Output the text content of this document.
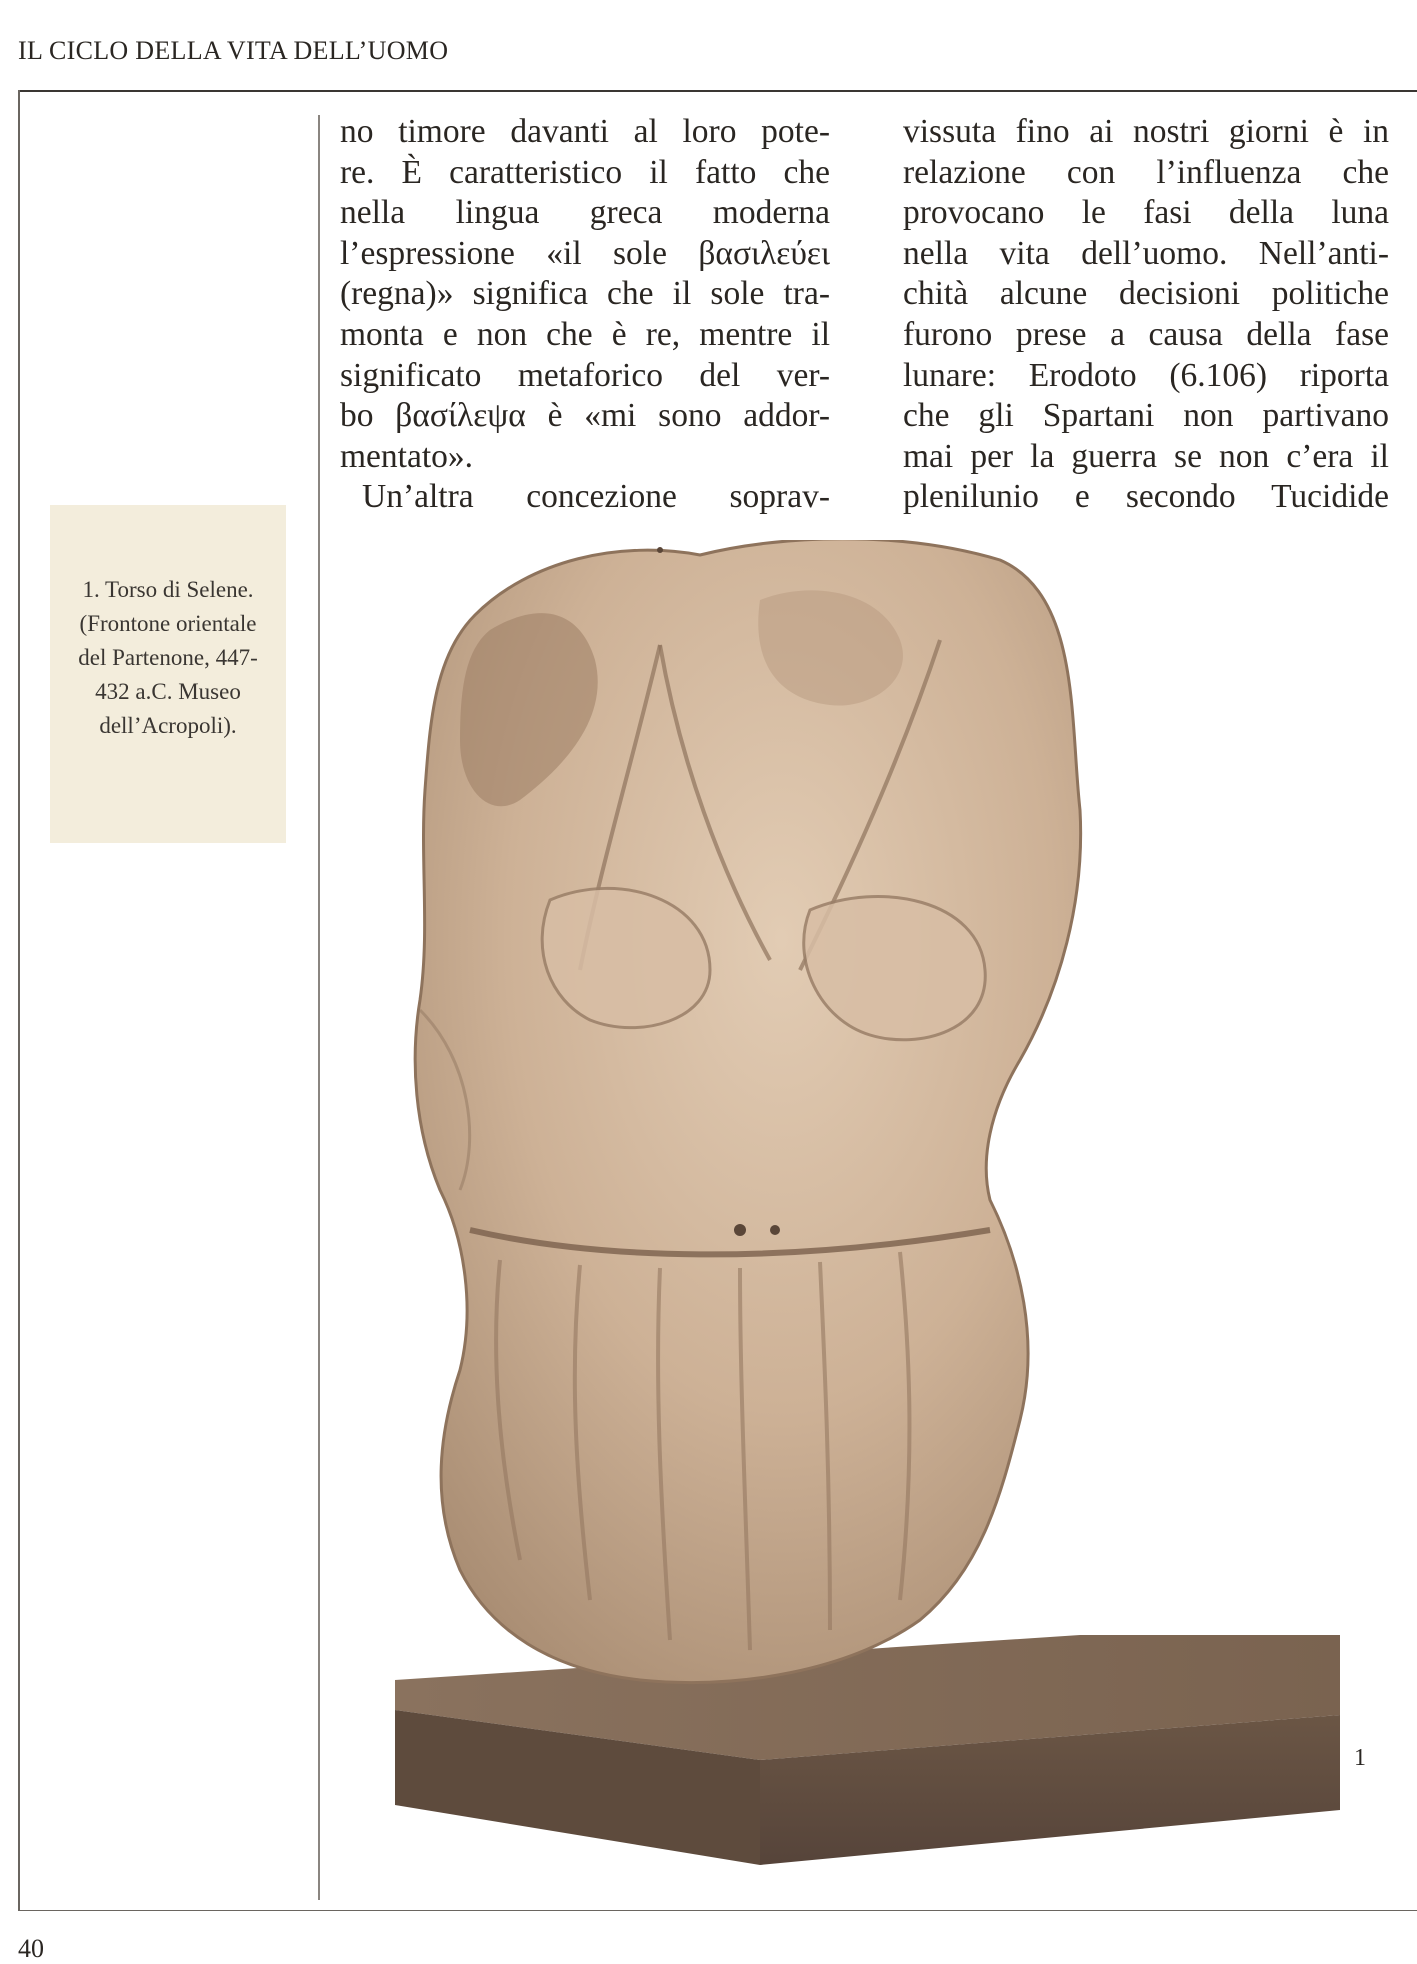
IL CICLO DELLA VITA DELL’UOMO
1. Torso di Selene. (Frontone orientale del Partenone, 447-432 a.C. Museo dell’Acropoli).

no timore davanti al loro pote-
re. È caratteristico il fatto che
nella lingua greca moderna
l’espressione «il sole βασιλεύει
(regna)» significa che il sole tra-
monta e non che è re, mentre il
significato metaforico del ver-
bo βασίλεψα è «mi sono addor-
mentato».

Un’altra concezione soprav-

vissuta fino ai nostri giorni è in
relazione con l’influenza che
provocano le fasi della luna
nella vita dell’uomo. Nell’anti-
chità alcune decisioni politiche
furono prese a causa della fase
lunare: Erodoto (6.106) riporta
che gli Spartani non partivano
mai per la guerra se non c’era il
plenilunio e secondo Tucidide

1
40
